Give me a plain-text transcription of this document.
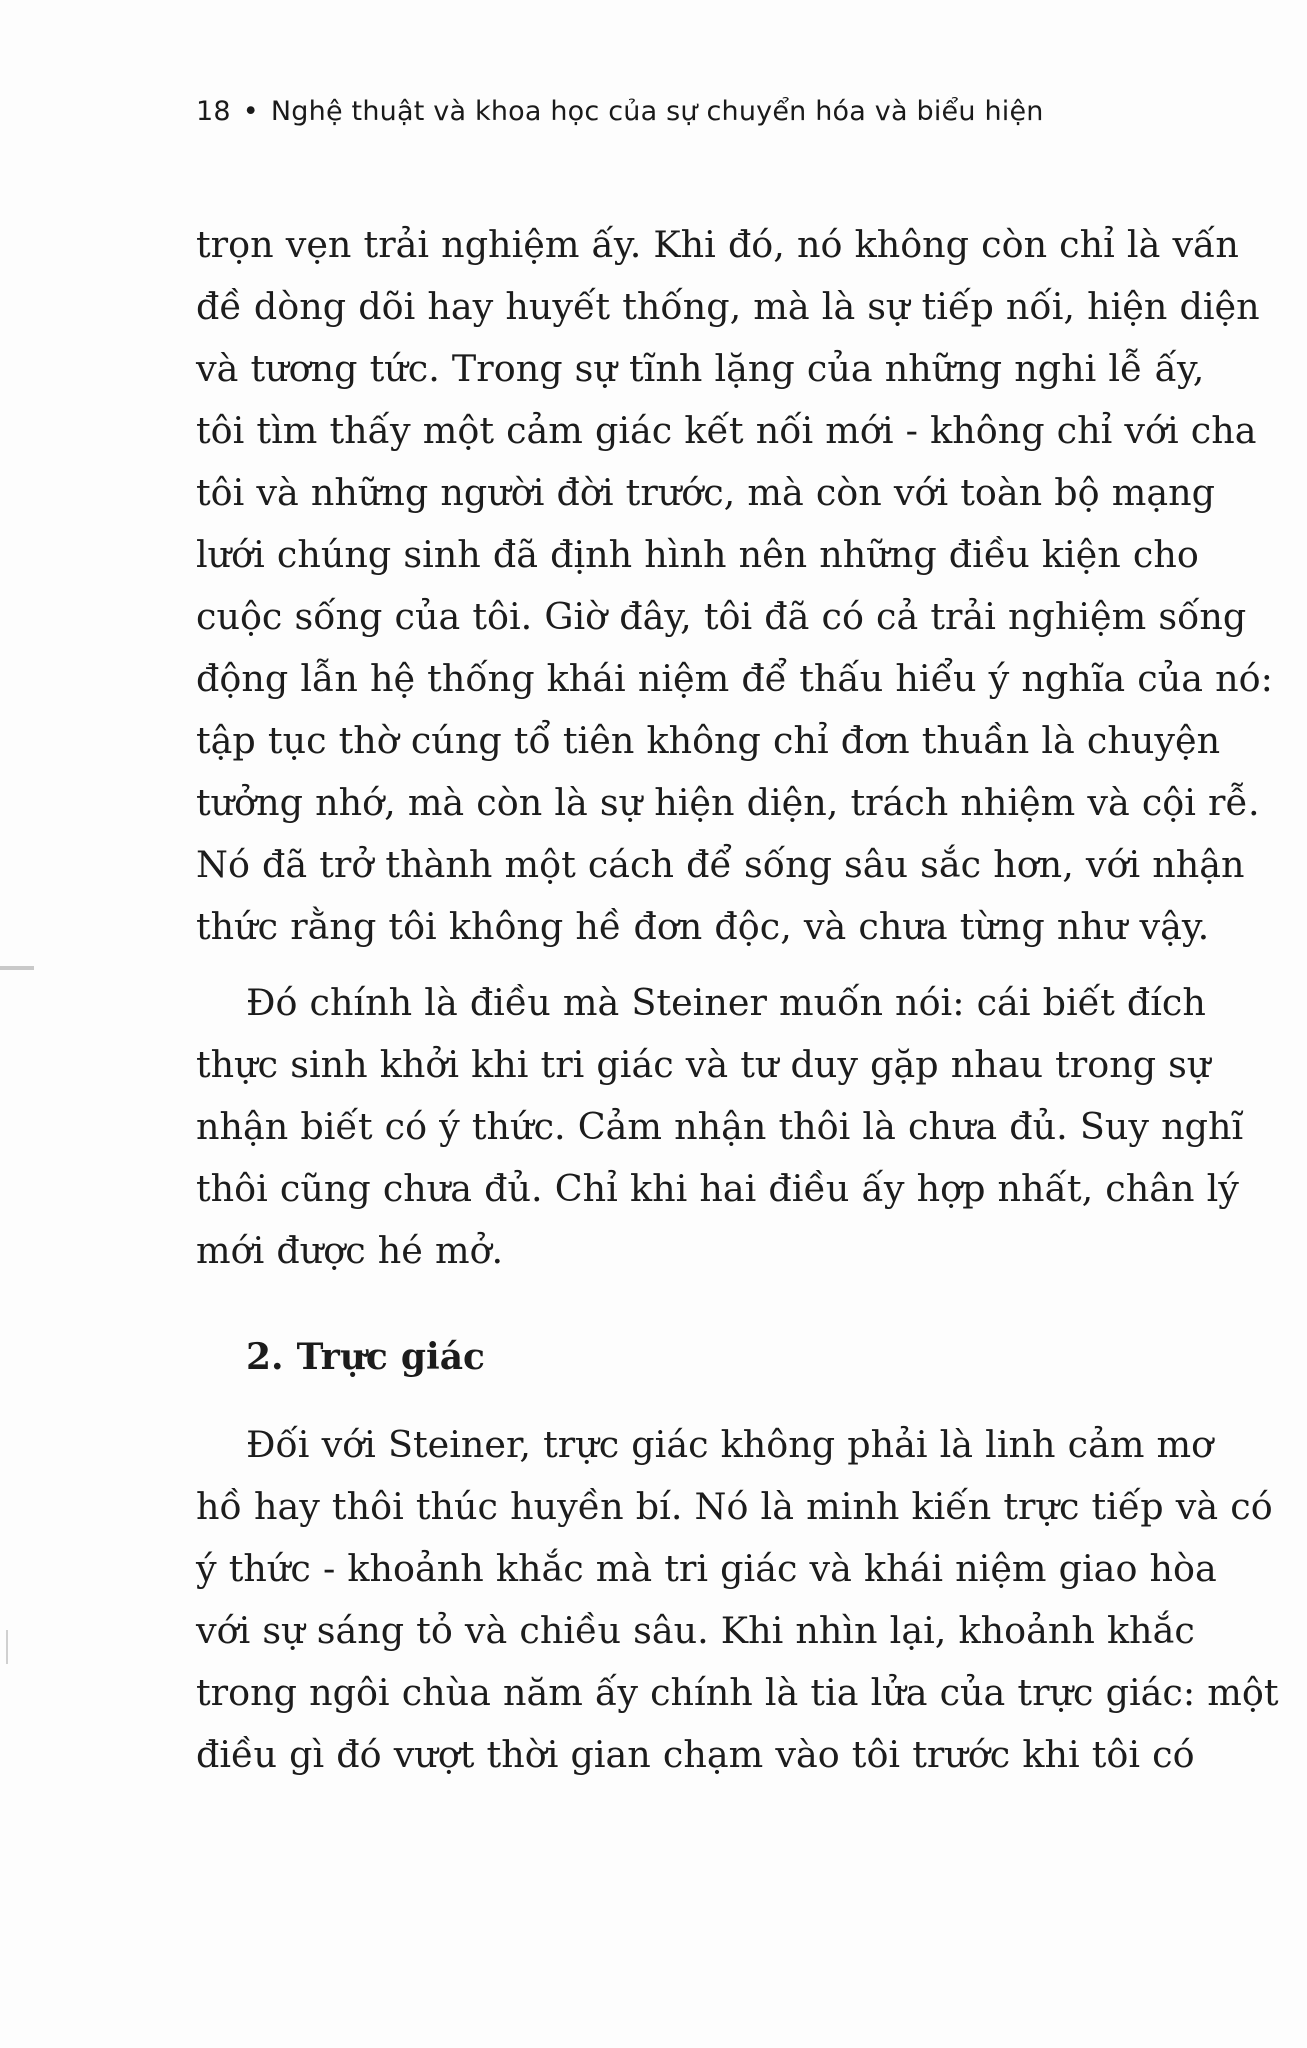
18 • Nghệ thuật và khoa học của sự chuyển hóa và biểu hiện
trọn vẹn trải nghiệm ấy. Khi đó, nó không còn chỉ là vấn
đề dòng dõi hay huyết thống, mà là sự tiếp nối, hiện diện
và tương tức. Trong sự tĩnh lặng của những nghi lễ ấy,
tôi tìm thấy một cảm giác kết nối mới - không chỉ với cha
tôi và những người đời trước, mà còn với toàn bộ mạng
lưới chúng sinh đã định hình nên những điều kiện cho
cuộc sống của tôi. Giờ đây, tôi đã có cả trải nghiệm sống
động lẫn hệ thống khái niệm để thấu hiểu ý nghĩa của nó:
tập tục thờ cúng tổ tiên không chỉ đơn thuần là chuyện
tưởng nhớ, mà còn là sự hiện diện, trách nhiệm và cội rễ.
Nó đã trở thành một cách để sống sâu sắc hơn, với nhận
thức rằng tôi không hề đơn độc, và chưa từng như vậy.
Đó chính là điều mà Steiner muốn nói: cái biết đích
thực sinh khởi khi tri giác và tư duy gặp nhau trong sự
nhận biết có ý thức. Cảm nhận thôi là chưa đủ. Suy nghĩ
thôi cũng chưa đủ. Chỉ khi hai điều ấy hợp nhất, chân lý
mới được hé mở.
2. Trực giác
Đối với Steiner, trực giác không phải là linh cảm mơ
hồ hay thôi thúc huyền bí. Nó là minh kiến trực tiếp và có
ý thức - khoảnh khắc mà tri giác và khái niệm giao hòa
với sự sáng tỏ và chiều sâu. Khi nhìn lại, khoảnh khắc
trong ngôi chùa năm ấy chính là tia lửa của trực giác: một
điều gì đó vượt thời gian chạm vào tôi trước khi tôi có
